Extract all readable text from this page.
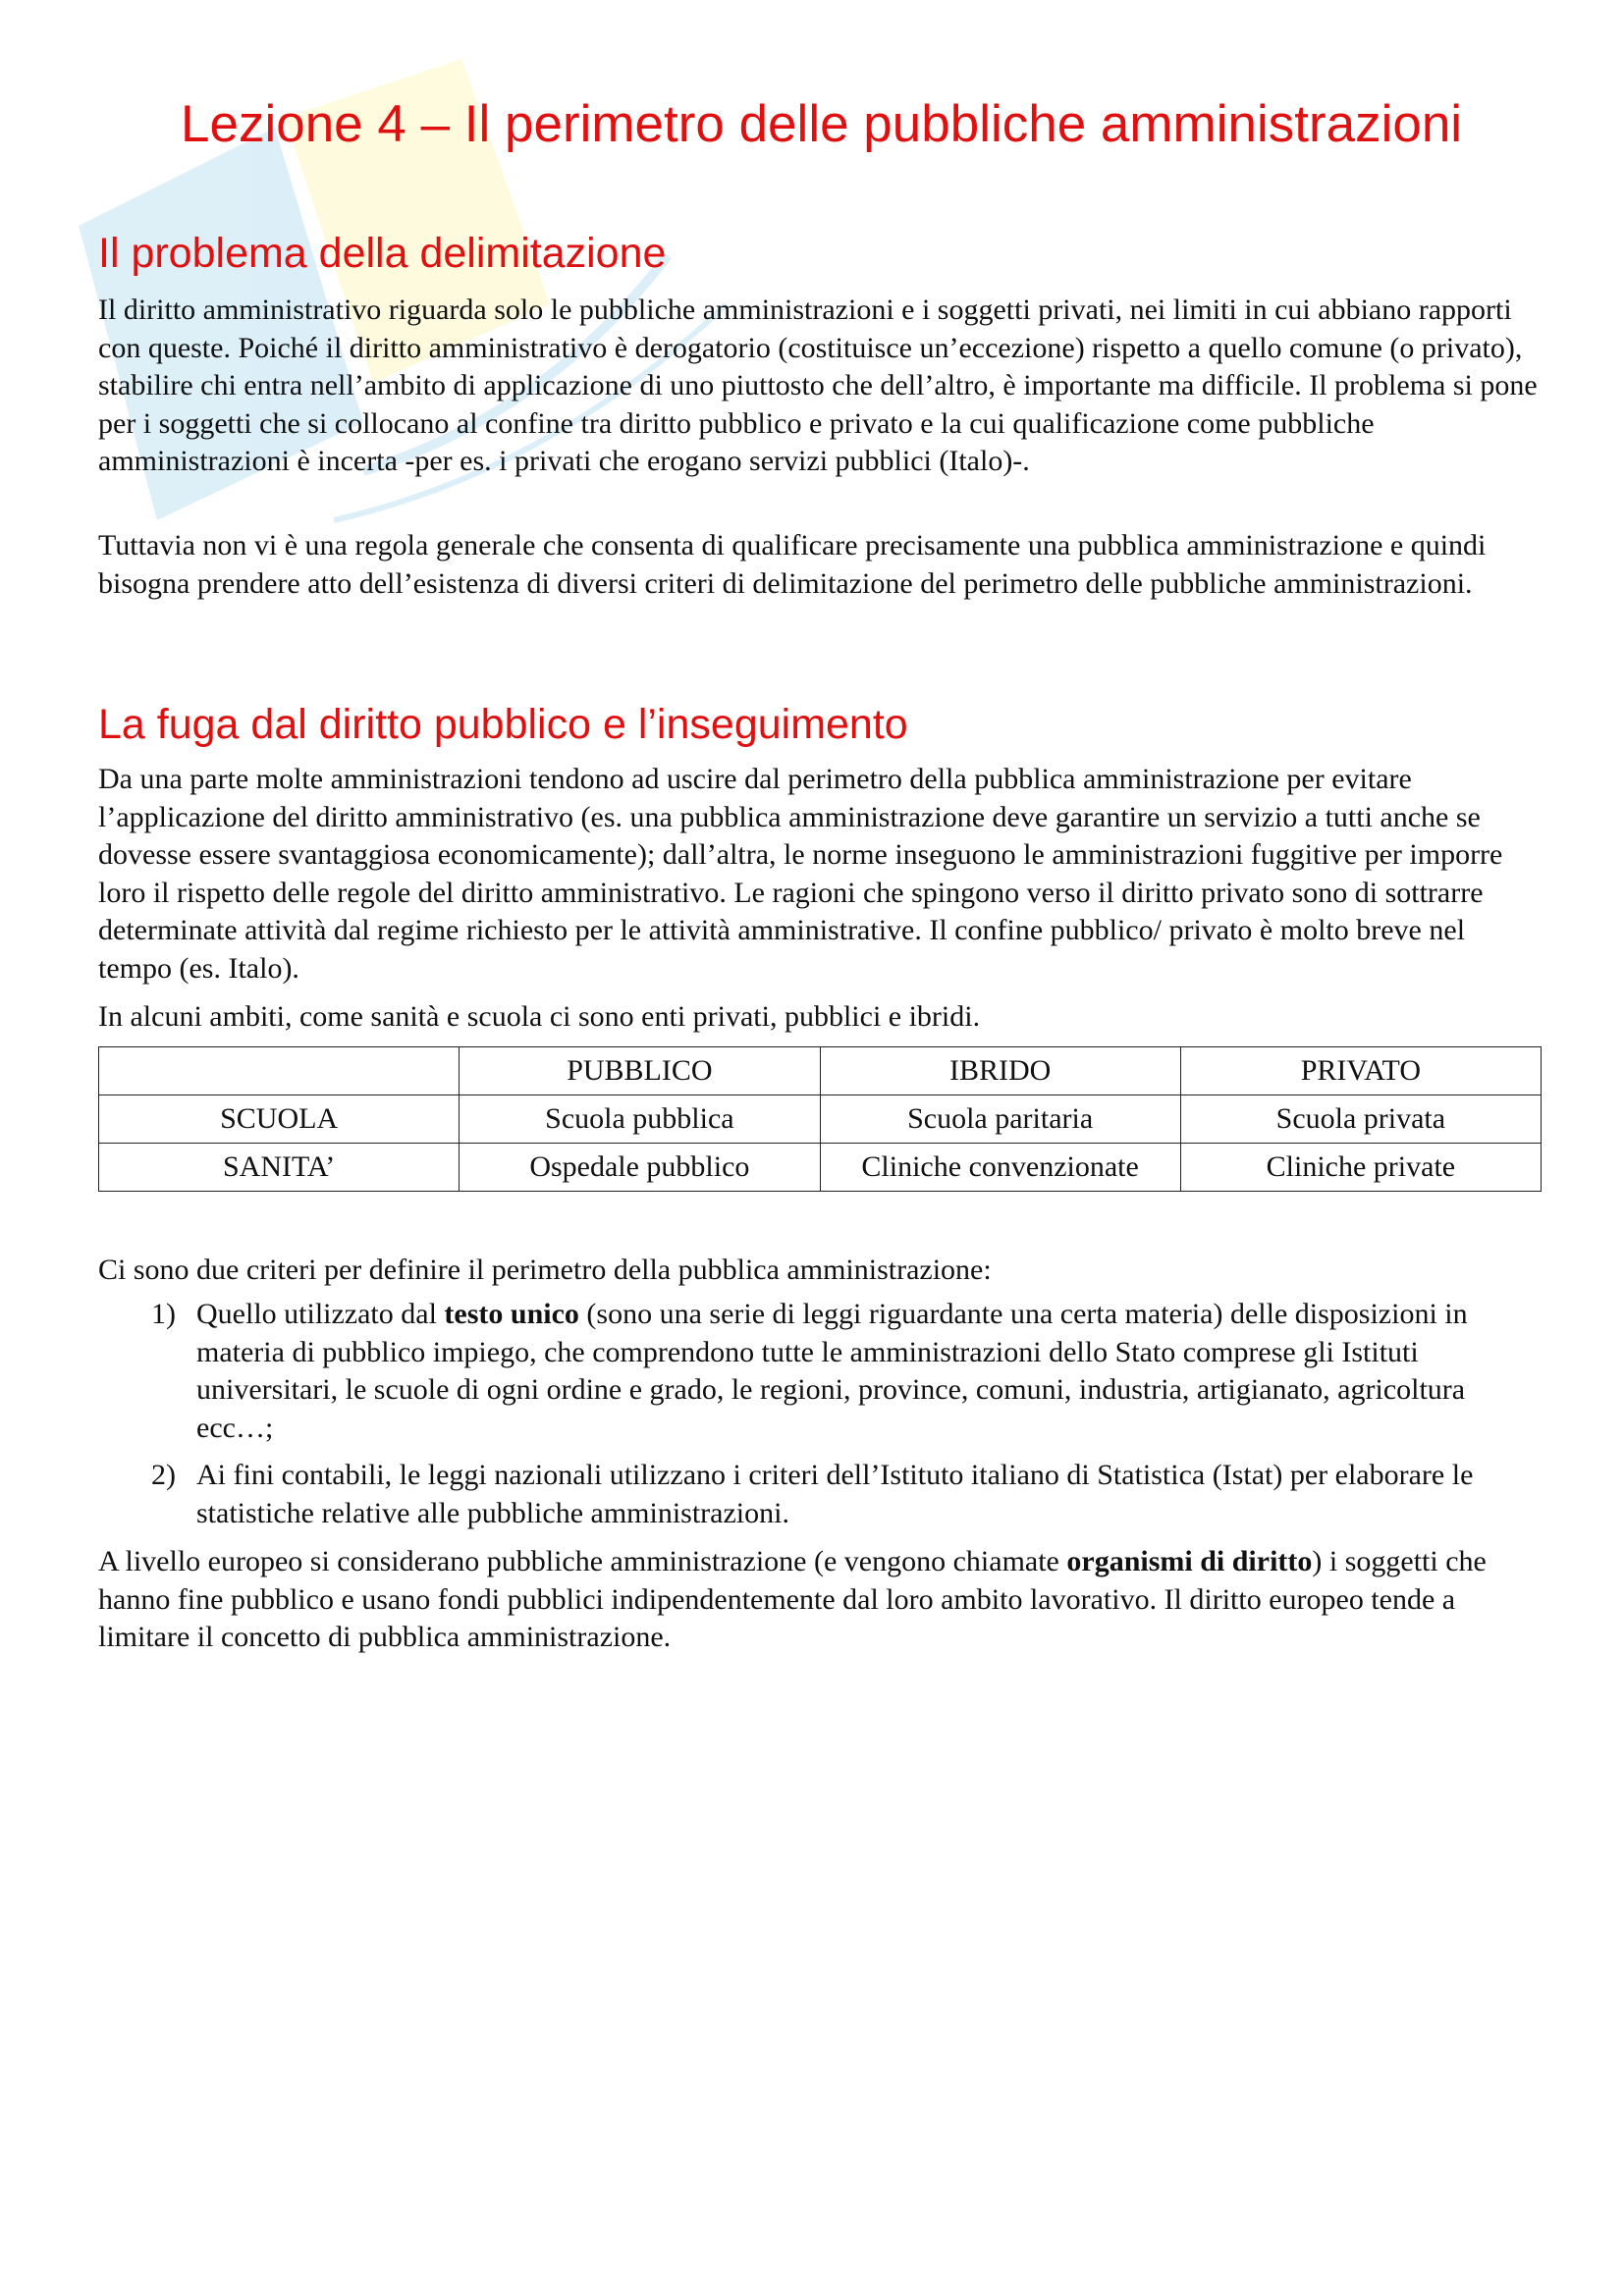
Lezione 4 – Il perimetro delle pubbliche amministrazioni
Il problema della delimitazione

Il diritto amministrativo riguarda solo le pubbliche amministrazioni e i soggetti privati, nei limiti in cui abbiano rapporti con queste. Poiché il diritto amministrativo è derogatorio (costituisce un’eccezione) rispetto a quello comune (o privato), stabilire chi entra nell’ambito di applicazione di uno piuttosto che dell’altro, è importante ma difficile. Il problema si pone per i soggetti che si collocano al confine tra diritto pubblico e privato e la cui qualificazione come pubbliche amministrazioni è incerta -per es. i privati che erogano servizi pubblici (Italo)-.

Tuttavia non vi è una regola generale che consenta di qualificare precisamente una pubblica amministrazione e quindi bisogna prendere atto dell’esistenza di diversi criteri di delimitazione del perimetro delle pubbliche amministrazioni.

La fuga dal diritto pubblico e l’inseguimento

Da una parte molte amministrazioni tendono ad uscire dal perimetro della pubblica amministrazione per evitare l’applicazione del diritto amministrativo (es. una pubblica amministrazione deve garantire un servizio a tutti anche se dovesse essere svantaggiosa economicamente); dall’altra, le norme inseguono le amministrazioni fuggitive per imporre loro il rispetto delle regole del diritto amministrativo. Le ragioni che spingono verso il diritto privato sono di sottrarre determinate attività dal regime richiesto per le attività amministrative. Il confine pubblico/ privato è molto breve nel tempo (es. Italo).

In alcuni ambiti, come sanità e scuola ci sono enti privati, pubblici e ibridi.

	PUBBLICO	IBRIDO	PRIVATO
SCUOLA	Scuola pubblica	Scuola paritaria	Scuola privata
SANITA’	Ospedale pubblico	Cliniche convenzionate	Cliniche private

Ci sono due criteri per definire il perimetro della pubblica amministrazione:

1) Quello utilizzato dal testo unico (sono una serie di leggi riguardante una certa materia) delle disposizioni in materia di pubblico impiego, che comprendono tutte le amministrazioni dello Stato comprese gli Istituti universitari, le scuole di ogni ordine e grado, le regioni, province, comuni, industria, artigianato, agricoltura ecc…;
2) Ai fini contabili, le leggi nazionali utilizzano i criteri dell’Istituto italiano di Statistica (Istat) per elaborare le statistiche relative alle pubbliche amministrazioni.

A livello europeo si considerano pubbliche amministrazione (e vengono chiamate organismi di diritto) i soggetti che hanno fine pubblico e usano fondi pubblici indipendentemente dal loro ambito lavorativo. Il diritto europeo tende a limitare il concetto di pubblica amministrazione.
